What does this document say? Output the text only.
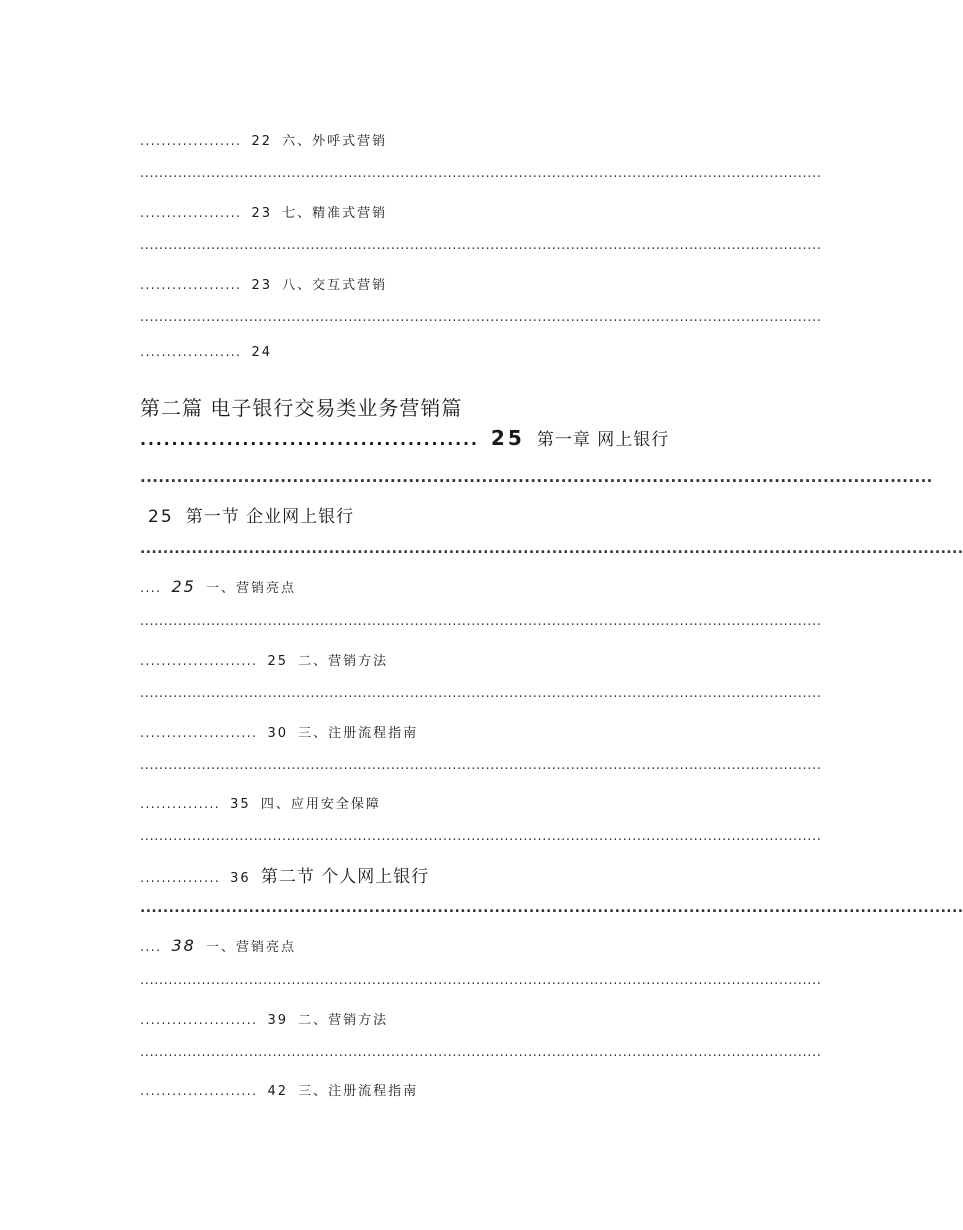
................... 22 六、外呼式营销
................................................................................................................................................
................... 23 七、精准式营销
................................................................................................................................................
................... 23 八、交互式营销
................................................................................................................................................
................... 24
第二篇 电子银行交易类业务营销篇
........................................... 25 第一章 网上银行
..................................................................................................................................
25 第一节 企业网上银行
................................................................................................................................................
.... 25 一、营销亮点
................................................................................................................................................
...................... 25 二、营销方法
................................................................................................................................................
...................... 30 三、注册流程指南
................................................................................................................................................
............... 35 四、应用安全保障
................................................................................................................................................
............... 36 第二节 个人网上银行
................................................................................................................................................
.... 38 一、营销亮点
................................................................................................................................................
...................... 39 二、营销方法
................................................................................................................................................
...................... 42 三、注册流程指南
